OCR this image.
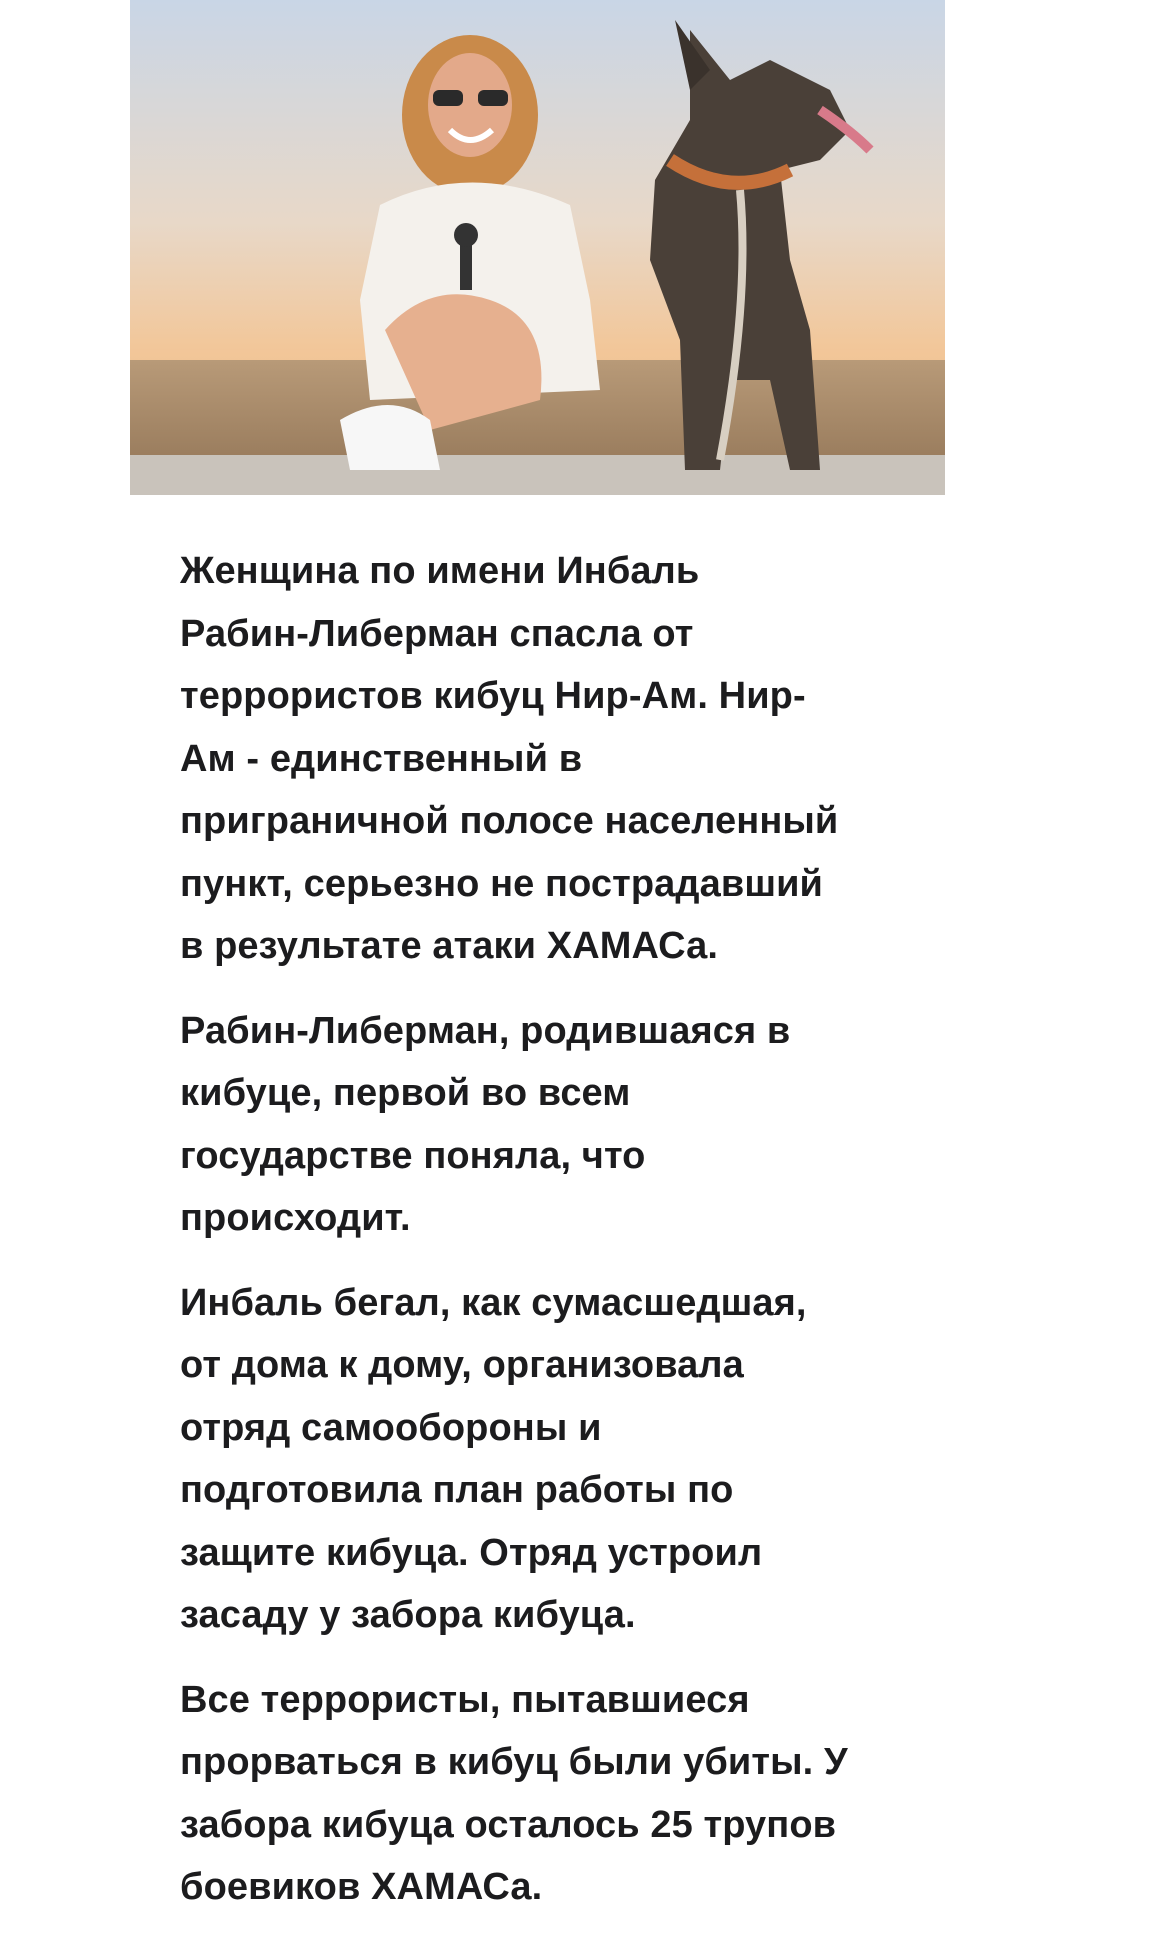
Женщина по имени Инбаль
Рабин-Либерман спасла от
террористов кибуц Нир-Ам. Нир-
Ам - единственный в
приграничной полосе населенный
пункт, серьезно не пострадавший
в результате атаки ХАМАСа.

Рабин-Либерман, родившаяся в
кибуце, первой во всем
государстве поняла, что
происходит.

Инбаль бегал, как сумасшедшая,
от дома к дому, организовала
отряд самообороны и
подготовила план работы по
защите кибуца. Отряд устроил
засаду у забора кибуца.

Все террористы, пытавшиеся
прорваться в кибуц были убиты. У
забора кибуца осталось 25 трупов
боевиков ХАМАСа.
